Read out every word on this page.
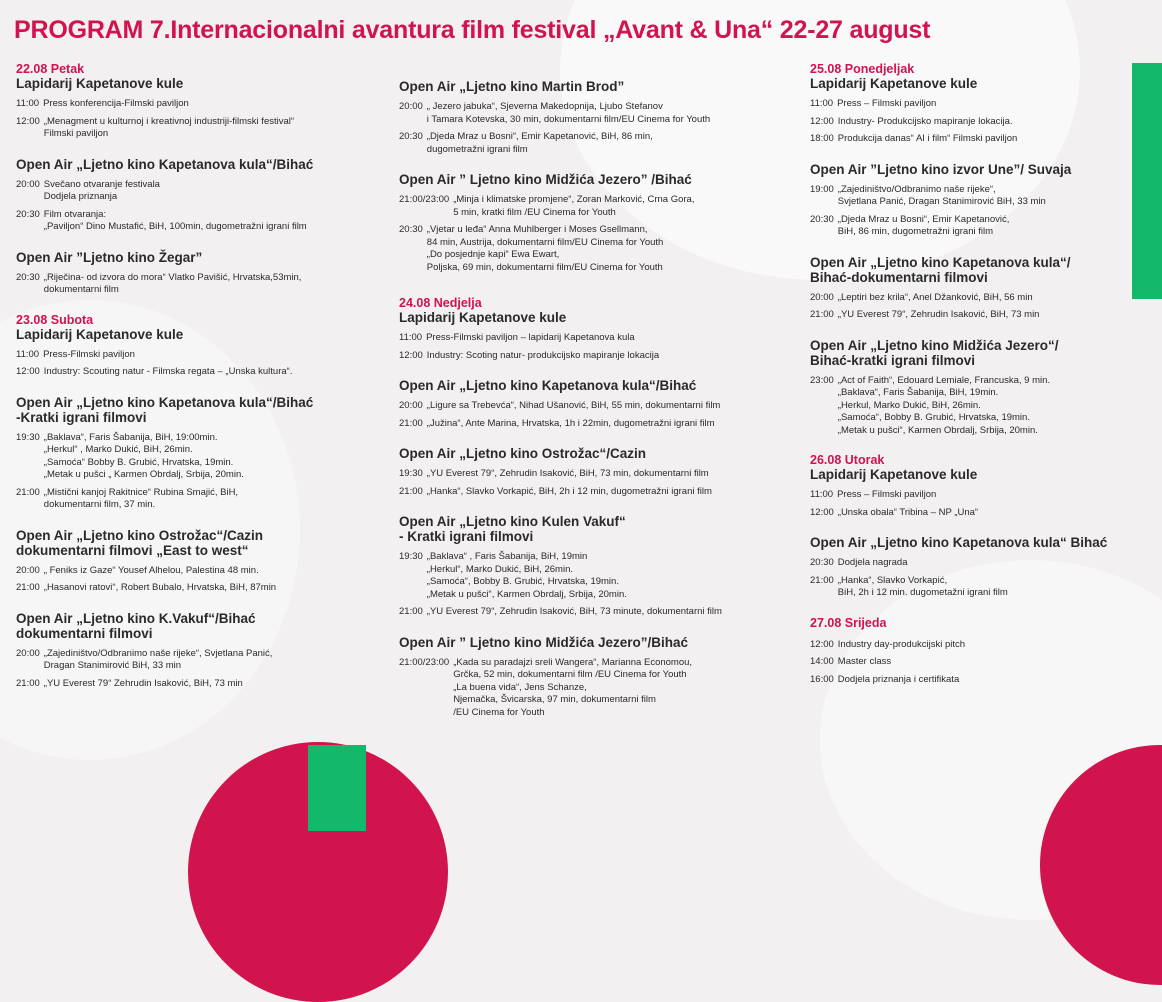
PROGRAM 7.Internacionalni avantura film festival „Avant & Una“ 22-27 august
22.08 Petak
Lapidarij Kapetanove kule
11:00 Press konferencija-Filmski paviljon
12:00 „Menagment u kulturnoj i kreativnoj industriji-filmski festival“
Filmski paviljon
Open Air „Ljetno kino Kapetanova kula“/Bihać
20:00 Svečano otvaranje festivala
Dodjela priznanja
20:30 Film otvaranja:
„Paviljon“ Dino Mustafić, BiH, 100min, dugometražni igrani film
Open Air ”Ljetno kino Žegar”
20:30 „Riječina- od izvora do mora“ Vlatko Pavišić, Hrvatska,53min,
dokumentarni film
23.08 Subota
Lapidarij Kapetanove kule
11:00 Press-Filmski paviljon
12:00 Industry: Scouting natur - Filmska regata – „Unska kultura“.
Open Air „Ljetno kino Kapetanova kula“/Bihać
-Kratki igrani filmovi
19:30 „Baklava“, Faris Šabanija, BiH, 19:00min.
„Herkul“ , Marko Dukić, BiH, 26min.
„Samoća“ Bobby B. Grubić, Hrvatska, 19min.
„Metak u pušci „ Karmen Obrdalj, Srbija, 20min.
21:00 „Mistični kanjoj Rakitnice“ Rubina Smajić, BiH,
dokumentarni film, 37 min.
Open Air „Ljetno kino Ostrožac“/Cazin
dokumentarni filmovi „East to west“
20:00 „ Feniks iz Gaze“ Yousef Alhelou, Palestina 48 min.
21:00 „Hasanovi ratovi“, Robert Bubalo, Hrvatska, BiH, 87min
Open Air „Ljetno kino K.Vakuf“/Bihać
dokumentarni filmovi
20:00 „Zajediništvo/Odbranimo naše rijeke“, Svjetlana Panić,
Dragan Stanimirović BiH, 33 min
21:00 „YU Everest 79“ Zehrudin Isaković, BiH, 73 min
Open Air „Ljetno kino Martin Brod”
20:00 „ Jezero jabuka“, Sjeverna Makedopnija, Ljubo Stefanov
i Tamara Kotevska, 30 min, dokumentarni film/EU Cinema for Youth
20:30 „Djeda Mraz u Bosni“, Emir Kapetanović, BiH, 86 min,
dugometražni igrani film
Open Air ” Ljetno kino Midžića Jezero” /Bihać
21:00/23:00 „Minja i klimatske promjene“, Zoran Marković, Crna Gora,
5 min, kratki film /EU Cinema for Youth
20:30 „Vjetar u leđa“ Anna Muhlberger i Moses Gsellmann,
84 min, Austrija, dokumentarni film/EU Cinema for Youth
„Do posjednje kapi“ Ewa Ewart,
Poljska, 69 min, dokumentarni film/EU Cinema for Youth
24.08 Nedjelja
Lapidarij Kapetanove kule
11:00 Press-Filmski paviljon – lapidarij Kapetanova kula
12:00 Industry: Scoting natur- produkcijsko mapiranje lokacija
Open Air „Ljetno kino Kapetanova kula“/Bihać
20:00 „Ligure sa Trebevća“, Nihad Ušanović, BiH, 55 min, dokumentarni film
21:00 „Južina“, Ante Marina, Hrvatska, 1h i 22min, dugometražni igrani film
Open Air „Ljetno kino Ostrožac“/Cazin
19:30 „YU Everest 79“, Zehrudin Isaković, BiH, 73 min, dokumentarni film
21:00 „Hanka“, Slavko Vorkapić, BiH, 2h i 12 min, dugometražni igrani film
Open Air „Ljetno kino Kulen Vakuf“
- Kratki igrani filmovi
19:30 „Baklava“ , Faris Šabanija, BiH, 19min
„Herkul“, Marko Dukić, BiH, 26min.
„Samoća“, Bobby B. Grubić, Hrvatska, 19min.
„Metak u pušci“, Karmen Obrdalj, Srbija, 20min.
21:00 „YU Everest 79“, Zehrudin Isaković, BiH, 73 minute, dokumentarni film
Open Air ” Ljetno kino Midžića Jezero”/Bihać
21:00/23:00 „Kada su paradajzi sreli Wangera“, Marianna Economou,
Grčka, 52 min, dokumentarni film /EU Cinema for Youth
„La buena vida“, Jens Schanze,
Njemačka, Švicarska, 97 min, dokumentarni film
/EU Cinema for Youth
25.08 Ponedjeljak
Lapidarij Kapetanove kule
11:00 Press – Filmski paviljon
12:00 Industry- Produkcijsko mapiranje lokacija.
18:00 Produkcija danas“ AI i film“ Filmski paviljon
Open Air ”Ljetno kino izvor Une”/ Suvaja
19:00 „Zajediništvo/Odbranimo naše rijeke“,
Svjetlana Panić, Dragan Stanimirović BiH, 33 min
20:30 „Djeda Mraz u Bosni“, Emir Kapetanović,
BiH, 86 min, dugometražni igrani film
Open Air „Ljetno kino Kapetanova kula“/
Bihać-dokumentarni filmovi
20:00 „Leptiri bez krila“, Anel Džanković, BiH, 56 min
21:00 „YU Everest 79“, Zehrudin Isaković, BiH, 73 min
Open Air „Ljetno kino Midžića Jezero“/
Bihać-kratki igrani filmovi
23:00 „Act of Faith“, Edouard Lemiale, Francuska, 9 min.
„Baklava“, Faris Šabanija, BiH, 19min.
„Herkul, Marko Dukić, BiH, 26min.
„Samoća“, Bobby B. Grubić, Hrvatska, 19min.
„Metak u pušci“, Karmen Obrdalj, Srbija, 20min.
26.08 Utorak
Lapidarij Kapetanove kule
11:00 Press – Filmski paviljon
12:00 „Unska obala“ Tribina – NP „Una“
Open Air „Ljetno kino Kapetanova kula“ Bihać
20:30 Dodjela nagrada
21:00 „Hanka“, Slavko Vorkapić,
BiH, 2h i 12 min. dugometažni igrani film
27.08 Srijeda
12:00 Industry day-produkcijski pitch
14:00 Master class
16:00 Dodjela priznanja i certifikata
